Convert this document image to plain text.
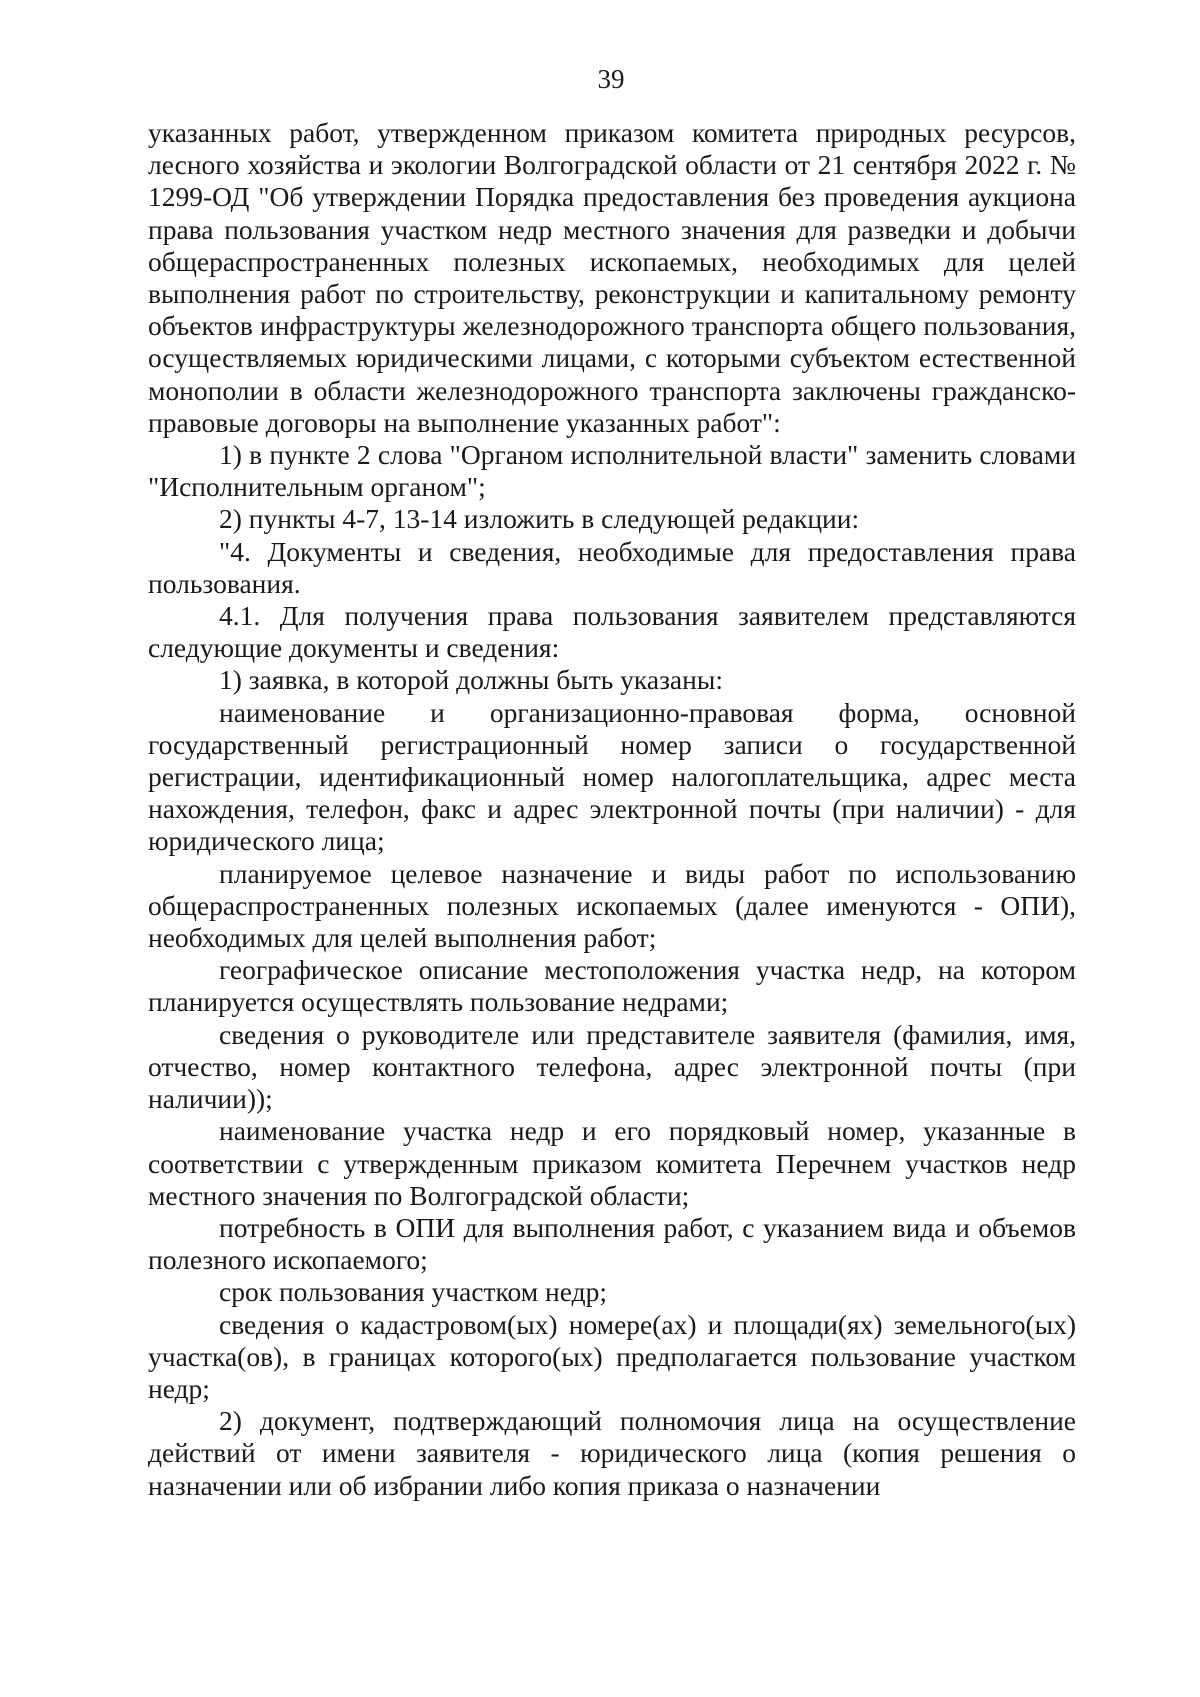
39

указанных работ, утвержденном приказом комитета природных ресурсов, лесного хозяйства и экологии Волгоградской области от 21 сентября 2022 г. № 1299-ОД "Об утверждении Порядка предоставления без проведения аукциона права пользования участком недр местного значения для разведки и добычи общераспространенных полезных ископаемых, необходимых для целей выполнения работ по строительству, реконструкции и капитальному ремонту объектов инфраструктуры железнодорожного транспорта общего пользования, осуществляемых юридическими лицами, с которыми субъектом естественной монополии в области железнодорожного транспорта заключены гражданско-правовые договоры на выполнение указанных работ":

1) в пункте 2 слова "Органом исполнительной власти" заменить словами "Исполнительным органом";

2) пункты 4-7, 13-14 изложить в следующей редакции:

"4. Документы и сведения, необходимые для предоставления права пользования.

4.1. Для получения права пользования заявителем представляются следующие документы и сведения:

1) заявка, в которой должны быть указаны:

наименование и организационно-правовая форма, основной государственный регистрационный номер записи о государственной регистрации, идентификационный номер налогоплательщика, адрес места нахождения, телефон, факс и адрес электронной почты (при наличии) - для юридического лица;

планируемое целевое назначение и виды работ по использованию общераспространенных полезных ископаемых (далее именуются - ОПИ), необходимых для целей выполнения работ;

географическое описание местоположения участка недр, на котором планируется осуществлять пользование недрами;

сведения о руководителе или представителе заявителя (фамилия, имя, отчество, номер контактного телефона, адрес электронной почты (при наличии));

наименование участка недр и его порядковый номер, указанные в соответствии с утвержденным приказом комитета Перечнем участков недр местного значения по Волгоградской области;

потребность в ОПИ для выполнения работ, с указанием вида и объемов полезного ископаемого;

срок пользования участком недр;

сведения о кадастровом(ых) номере(ах) и площади(ях) земельного(ых) участка(ов), в границах которого(ых) предполагается пользование участком недр;

2) документ, подтверждающий полномочия лица на осуществление действий от имени заявителя - юридического лица (копия решения о назначении или об избрании либо копия приказа о назначении
